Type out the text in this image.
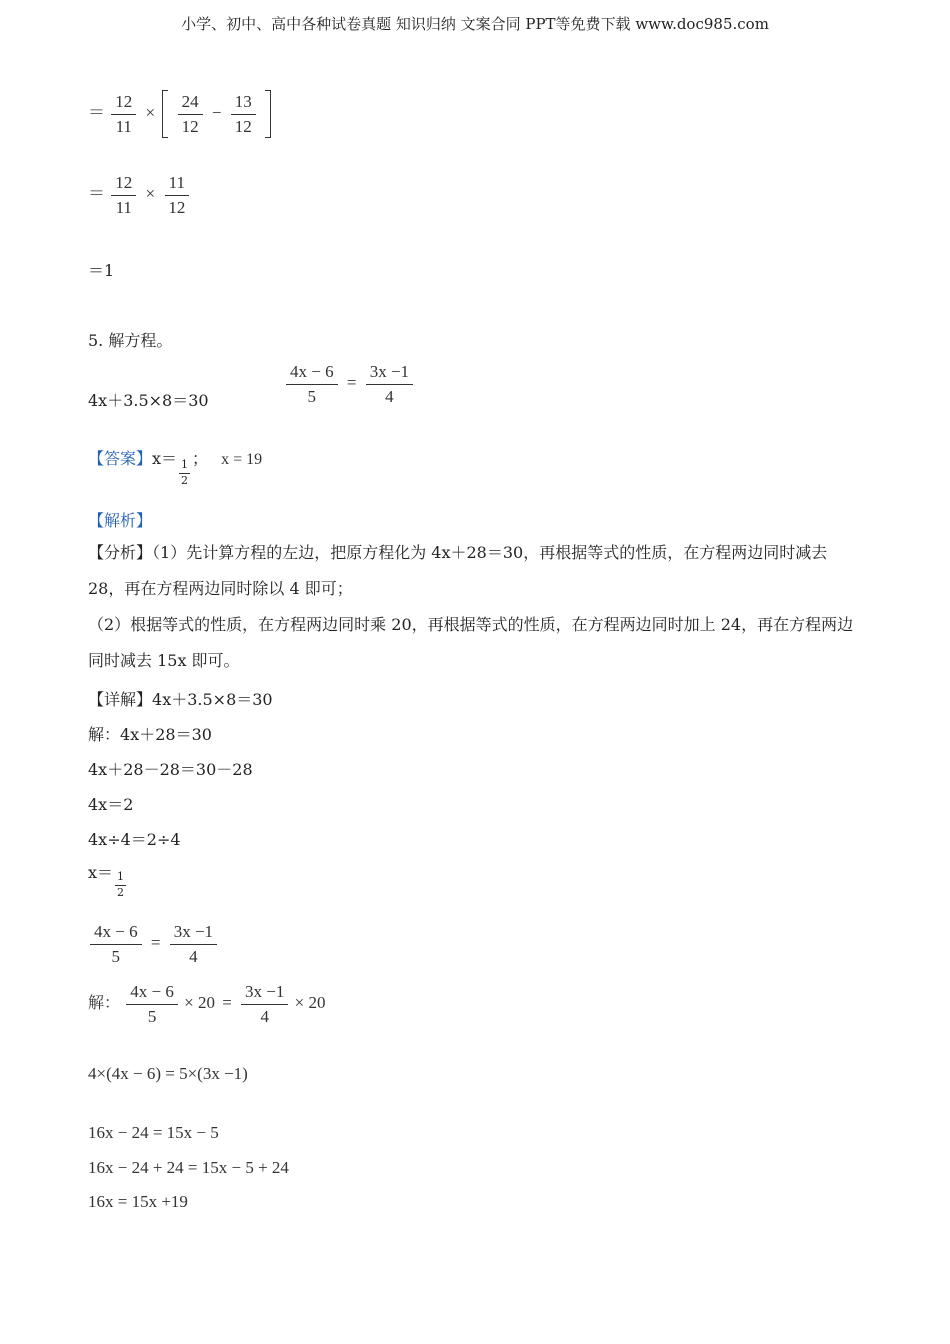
小学、初中、高中各种试卷真题 知识归纳 文案合同 PPT等免费下载 www.doc985.com
＝ $\frac{12}{11} \times \frac{24}{12} - \frac{13}{12}$

＝ $\frac{12}{11} \times \frac{11}{12}$
＝1
5. 解方程。
4x＋3.5×8＝30	$\frac{4x - 6}{5} = \frac{3x -1}{4}$
【答案】x＝
$\frac{1}{2}$
； x = 19
【解析】
【分析】（1）先计算方程的左边，把原方程化为 4x＋28＝30，再根据等式的性质，在方程两边同时减去 28，再在方程两边同时除以 4 即可；
（2）根据等式的性质，在方程两边同时乘 20，再根据等式的性质，在方程两边同时加上 24，再在方程两边同时减去 15x 即可。
【详解】4x＋3.5×8＝30
解：4x＋28＝30
4x＋28－28＝30－28
4x＝2
4x÷4＝2÷4
$x= \frac{1}{2}$
$\frac{4x - 6}{5} = \frac{3x -1}{4}$
解： $\frac{4x - 6}{5} \times 20 = \frac{3x -1}{4} \times 20$
4×(4x − 6) = 5×(3x −1)
16x − 24 = 15x − 5
16x − 24 + 24 = 15x − 5 + 24
16x = 15x +19
